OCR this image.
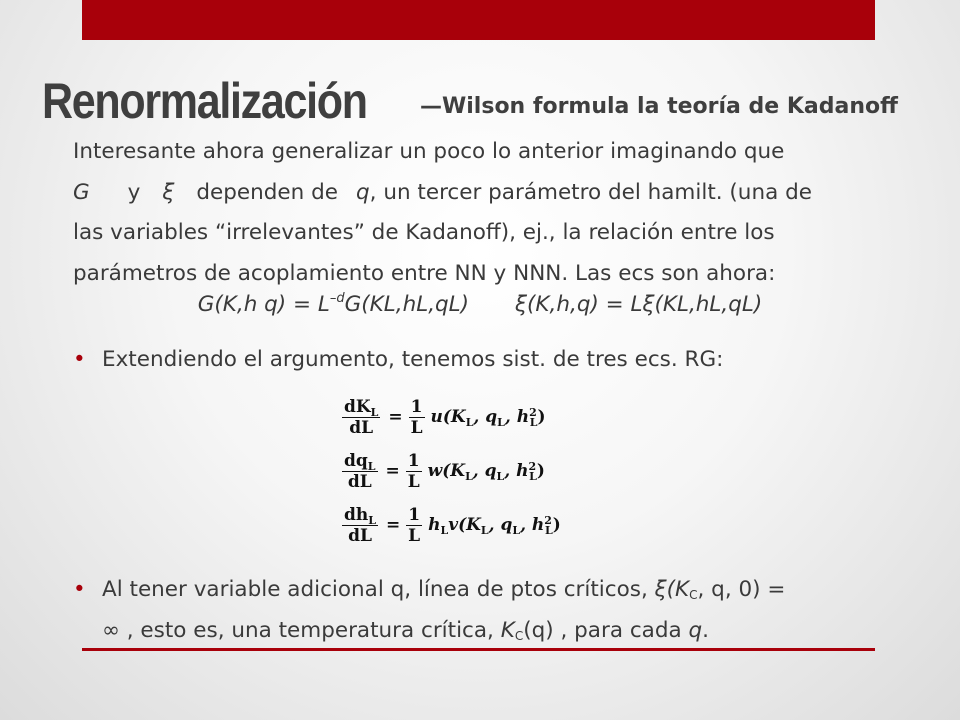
Renormalización —Wilson formula la teoría de Kadanoff
Interesante ahora generalizar un poco lo anterior imaginando que
G y ξ dependen de q, un tercer parámetro del hamilt. (una de
las variables “irrelevantes” de Kadanoff), ej., la relación entre los
parámetros de acoplamiento entre NN y NNN. Las ecs son ahora:
G(K,h $q) = L^{-d}G(KL,hL,qL) \xi(K,h,q) = L\xi(KL,hL,qL)$
• Extendiendo el argumento, tenemos sist. de tres ecs. RG:
$\frac{dK_L}{dL} = \frac{1}{L} u(K_L$, $q_L$, $h^2_L$)
$\frac{dq_L}{dL} = \frac{1}{L} w(K_L$, $q_L$, $h^2_L$)
$\frac{dh_L}{dL} = \frac{1}{L} h_Lv(K_L$, $q_L$, $h^2_L$)
• Al tener variable adicional q, línea de ptos críticos, $\xi(K_C$, q, 0) =
∞ , esto es, una temperatura crítica, $K_C(q)$ , para cada q.
